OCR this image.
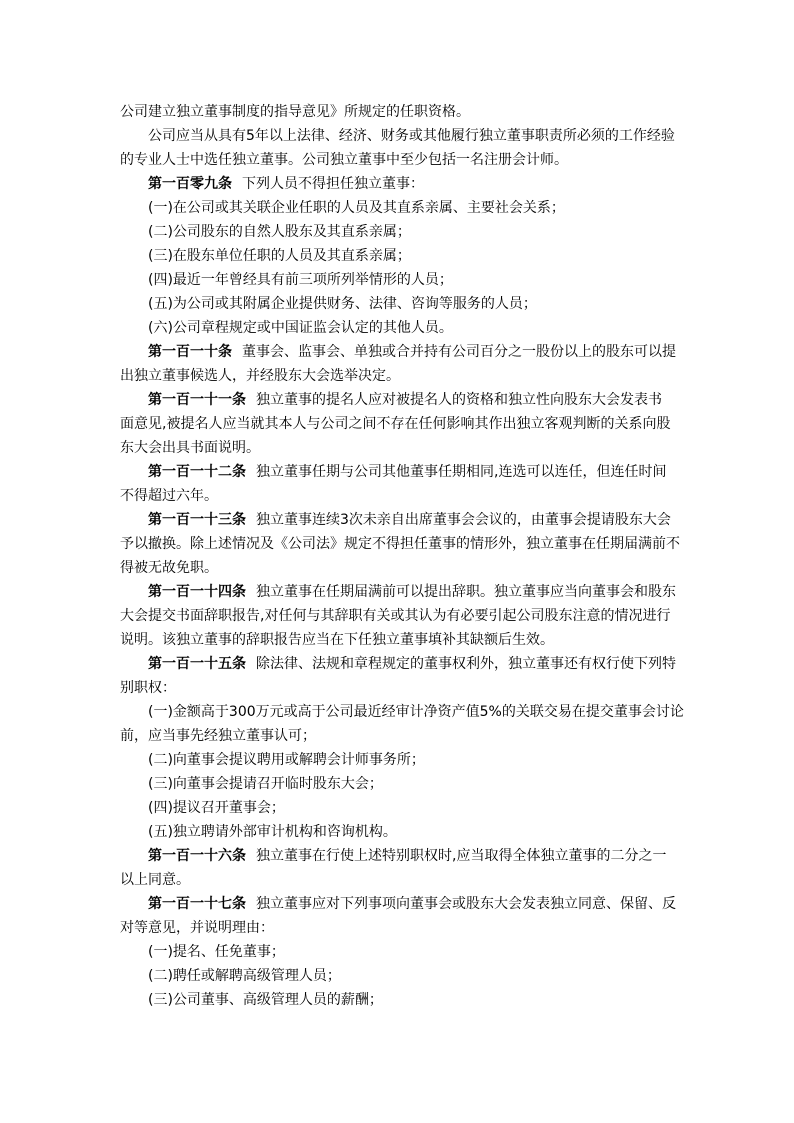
公司建立独立董事制度的指导意见》所规定的任职资格。

公司应当从具有5年以上法律、经济、财务或其他履行独立董事职责所必须的工作经验

的专业人士中选任独立董事。公司独立董事中至少包括一名注册会计师。

第一百零九条 下列人员不得担任独立董事：

(一)在公司或其关联企业任职的人员及其直系亲属、主要社会关系；

(二)公司股东的自然人股东及其直系亲属；

(三)在股东单位任职的人员及其直系亲属；

(四)最近一年曾经具有前三项所列举情形的人员；

(五)为公司或其附属企业提供财务、法律、咨询等服务的人员；

(六)公司章程规定或中国证监会认定的其他人员。

第一百一十条 董事会、监事会、单独或合并持有公司百分之一股份以上的股东可以提

出独立董事候选人，并经股东大会选举决定。

第一百一十一条 独立董事的提名人应对被提名人的资格和独立性向股东大会发表书

面意见,被提名人应当就其本人与公司之间不存在任何影响其作出独立客观判断的关系向股

东大会出具书面说明。

第一百一十二条 独立董事任期与公司其他董事任期相同,连选可以连任，但连任时间

不得超过六年。

第一百一十三条 独立董事连续3次未亲自出席董事会会议的，由董事会提请股东大会

予以撤换。除上述情况及《公司法》规定不得担任董事的情形外，独立董事在任期届满前不

得被无故免职。

第一百一十四条 独立董事在任期届满前可以提出辞职。独立董事应当向董事会和股东

大会提交书面辞职报告,对任何与其辞职有关或其认为有必要引起公司股东注意的情况进行

说明。该独立董事的辞职报告应当在下任独立董事填补其缺额后生效。

第一百一十五条 除法律、法规和章程规定的董事权利外，独立董事还有权行使下列特

别职权：

(一)金额高于300万元或高于公司最近经审计净资产值5%的关联交易在提交董事会讨论

前，应当事先经独立董事认可；

(二)向董事会提议聘用或解聘会计师事务所；

(三)向董事会提请召开临时股东大会；

(四)提议召开董事会；

(五)独立聘请外部审计机构和咨询机构。

第一百一十六条 独立董事在行使上述特别职权时,应当取得全体独立董事的二分之一

以上同意。

第一百一十七条 独立董事应对下列事项向董事会或股东大会发表独立同意、保留、反

对等意见，并说明理由：

(一)提名、任免董事；

(二)聘任或解聘高级管理人员；

(三)公司董事、高级管理人员的薪酬；
